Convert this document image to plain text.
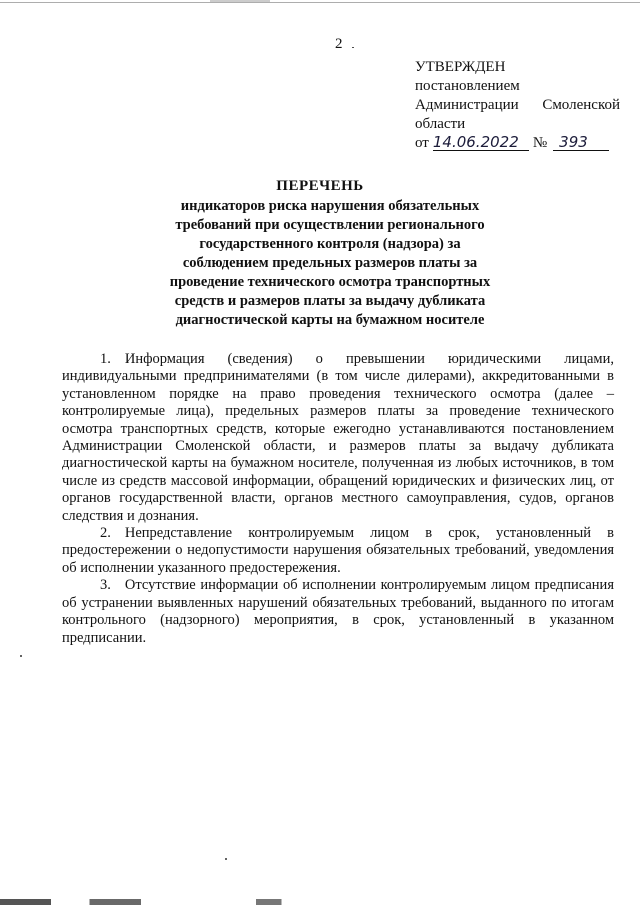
2
УТВЕРЖДЕН
постановлением
Администрации Смоленской
области
от 14.06.2022 № 393
ПЕРЕЧЕНЬ
индикаторов риска нарушения обязательных требований при осуществлении регионального государственного контроля (надзора) за соблюдением предельных размеров платы за проведение технического осмотра транспортных средств и размеров платы за выдачу дубликата диагностической карты на бумажном носителе

1. Информация (сведения) о превышении юридическими лицами, индивидуальными предпринимателями (в том числе дилерами), аккредитованными в установленном порядке на право проведения технического осмотра (далее – контролируемые лица), предельных размеров платы за проведение технического осмотра транспортных средств, которые ежегодно устанавливаются постановлением Администрации Смоленской области, и размеров платы за выдачу дубликата диагностической карты на бумажном носителе, полученная из любых источников, в том числе из средств массовой информации, обращений юридических и физических лиц, от органов государственной власти, органов местного самоуправления, судов, органов следствия и дознания.

2. Непредставление контролируемым лицом в срок, установленный в предостережении о недопустимости нарушения обязательных требований, уведомления об исполнении указанного предостережения.

3. Отсутствие информации об исполнении контролируемым лицом предписания об устранении выявленных нарушений обязательных требований, выданного по итогам контрольного (надзорного) мероприятия, в срок, установленный в указанном предписании.
